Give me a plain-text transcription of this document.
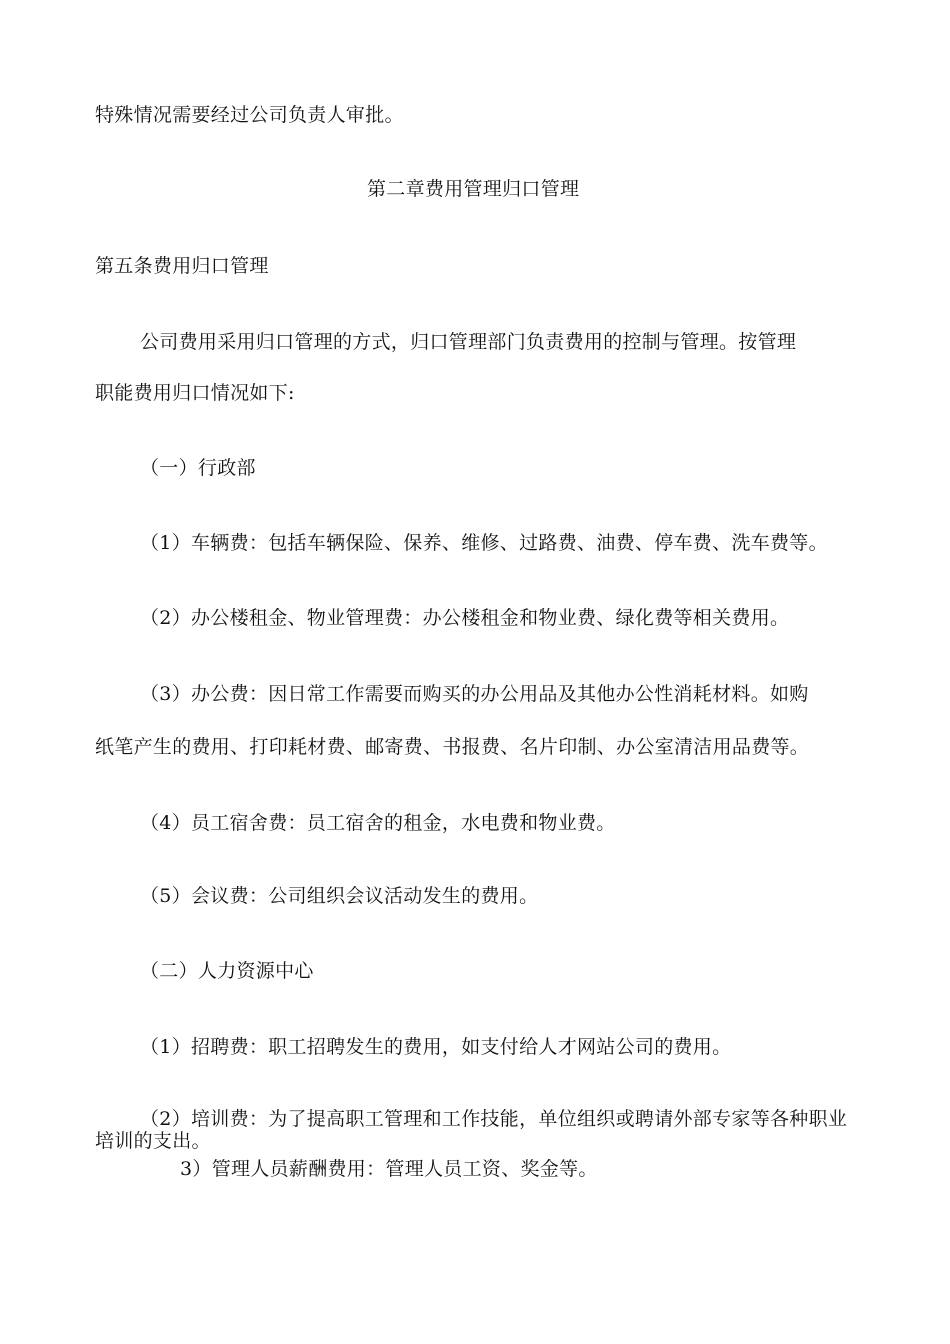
特殊情况需要经过公司负责人审批。
第二章费用管理归口管理
第五条费用归口管理
公司费用采用归口管理的方式，归口管理部门负责费用的控制与管理。按管理
职能费用归口情况如下:
（一）行政部
（1）车辆费：包括车辆保险、保养、维修、过路费、油费、停车费、洗车费等。
（2）办公楼租金、物业管理费：办公楼租金和物业费、绿化费等相关费用。
（3）办公费：因日常工作需要而购买的办公用品及其他办公性消耗材料。如购
纸笔产生的费用、打印耗材费、邮寄费、书报费、名片印制、办公室清洁用品费等。
（4）员工宿舍费：员工宿舍的租金，水电费和物业费。
（5）会议费：公司组织会议活动发生的费用。
（二）人力资源中心
（1）招聘费：职工招聘发生的费用，如支付给人才网站公司的费用。
（2）培训费：为了提高职工管理和工作技能，单位组织或聘请外部专家等各种职业培训的支出。
3）管理人员薪酬费用：管理人员工资、奖金等。
